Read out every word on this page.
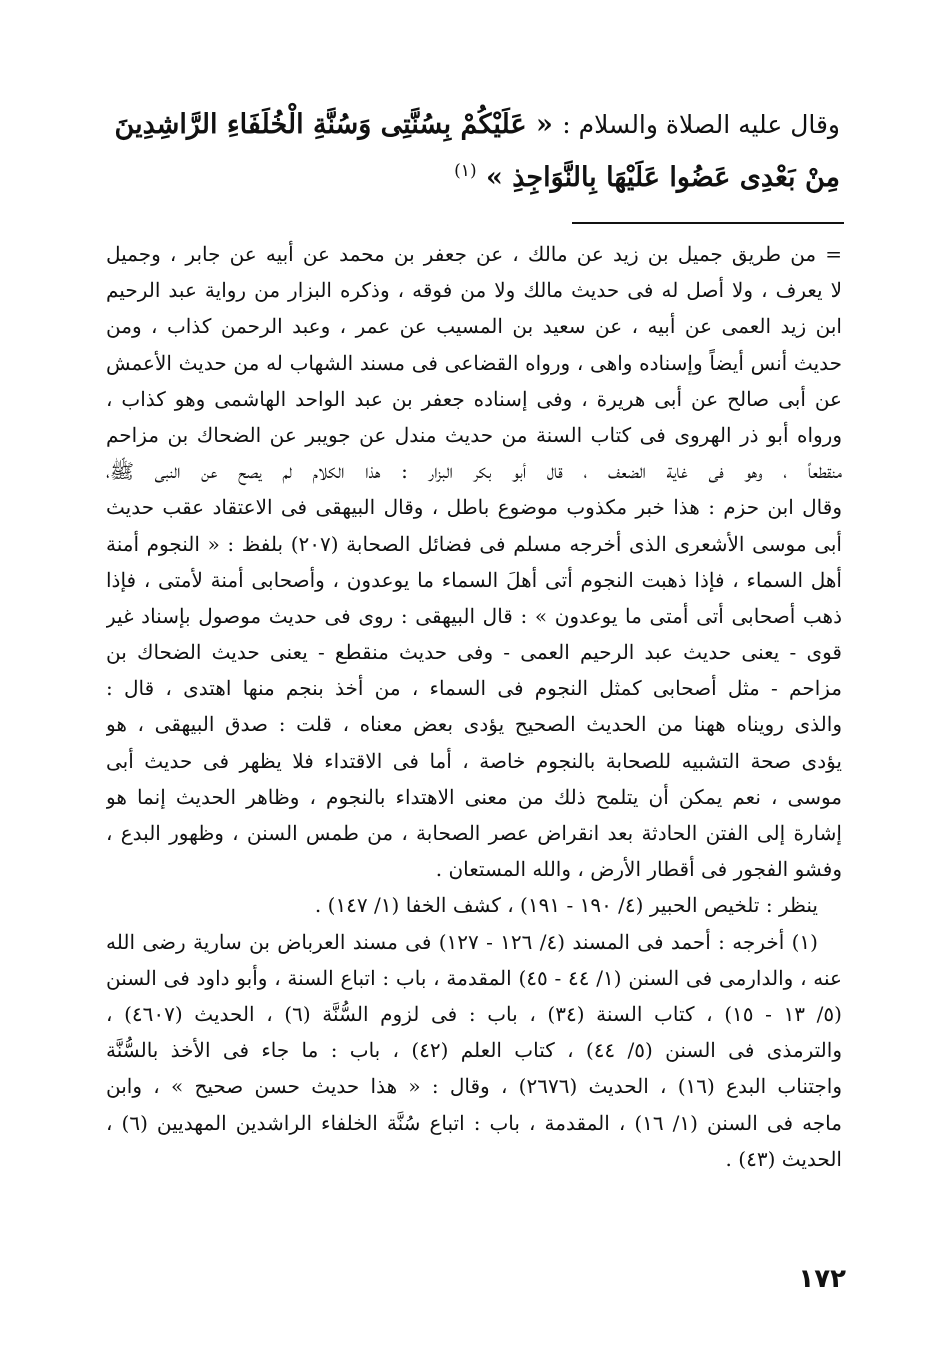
وقال عليه الصلاة والسلام : « عَلَيْكُمْ بِسُنَّتِى وَسُنَّةِ الْخُلَفَاءِ الرَّاشِدِينَ مِنْ بَعْدِى عَضُوا عَلَيْهَا بِالنَّوَاجِذِ » $^{(١)}$
= من طريق جميل بن زيد عن مالك ، عن جعفر بن محمد عن أبيه عن جابر ، وجميل
لا يعرف ، ولا أصل له فى حديث مالك ولا من فوقه ، وذكره البزار من رواية عبد الرحيم
ابن زيد العمى عن أبيه ، عن سعيد بن المسيب عن عمر ، وعبد الرحمن كذاب ، ومن
حديث أنس أيضاً وإسناده واهى ، ورواه القضاعى فى مسند الشهاب له من حديث الأعمش
عن أبى صالح عن أبى هريرة ، وفى إسناده جعفر بن عبد الواحد الهاشمى وهو كذاب ،
ورواه أبو ذر الهروى فى كتاب السنة من حديث مندل عن جويبر عن الضحاك بن مزاحم
منقطعاً ، وهو فى غاية الضعف ، قال أبو بكر البزار : هذا الكلام لم يصح عن النبى ﷺ،
وقال ابن حزم : هذا خبر مكذوب موضوع باطل ، وقال البيهقى فى الاعتقاد عقب حديث
أبى موسى الأشعرى الذى أخرجه مسلم فى فضائل الصحابة (٢٠٧) بلفظ : « النجوم أمنة
أهل السماء ، فإذا ذهبت النجوم أتى أهلَ السماء ما يوعدون ، وأصحابى أمنة لأمتى ، فإذا
ذهب أصحابى أتى أمتى ما يوعدون » : قال البيهقى : روى فى حديث موصول بإسناد غير
قوى - يعنى حديث عبد الرحيم العمى - وفى حديث منقطع - يعنى حديث الضحاك بن
مزاحم - مثل أصحابى كمثل النجوم فى السماء ، من أخذ بنجم منها اهتدى ، قال :
والذى رويناه ههنا من الحديث الصحيح يؤدى بعض معناه ، قلت : صدق البيهقى ، هو
يؤدى صحة التشبيه للصحابة بالنجوم خاصة ، أما فى الاقتداء فلا يظهر فى حديث أبى
موسى ، نعم يمكن أن يتلمح ذلك من معنى الاهتداء بالنجوم ، وظاهر الحديث إنما هو
إشارة إلى الفتن الحادثة بعد انقراض عصر الصحابة ، من طمس السنن ، وظهور البدع ،
وفشو الفجور فى أقطار الأرض ، والله المستعان .
ينظر : تلخيص الحبير (٤/ ١٩٠ - ١٩١) ، كشف الخفا (١/ ١٤٧) .
(١) أخرجه : أحمد فى المسند (٤/ ١٢٦ - ١٢٧) فى مسند العرباض بن سارية رضى الله
عنه ، والدارمى فى السنن (١/ ٤٤ - ٤٥) المقدمة ، باب : اتباع السنة ، وأبو داود فى السنن
(٥/ ١٣ - ١٥) ، كتاب السنة (٣٤) ، باب : فى لزوم السُّنَّة (٦) ، الحديث (٤٦٠٧) ،
والترمذى فى السنن (٥/ ٤٤) ، كتاب العلم (٤٢) ، باب : ما جاء فى الأخذ بالسُّنَّة
واجتناب البدع (١٦) ، الحديث (٢٦٧٦) ، وقال : « هذا حديث حسن صحيح » ، وابن
ماجه فى السنن (١/ ١٦) ، المقدمة ، باب : اتباع سُنَّة الخلفاء الراشدين المهديين (٦) ،
الحديث (٤٣) .
١٧٢
